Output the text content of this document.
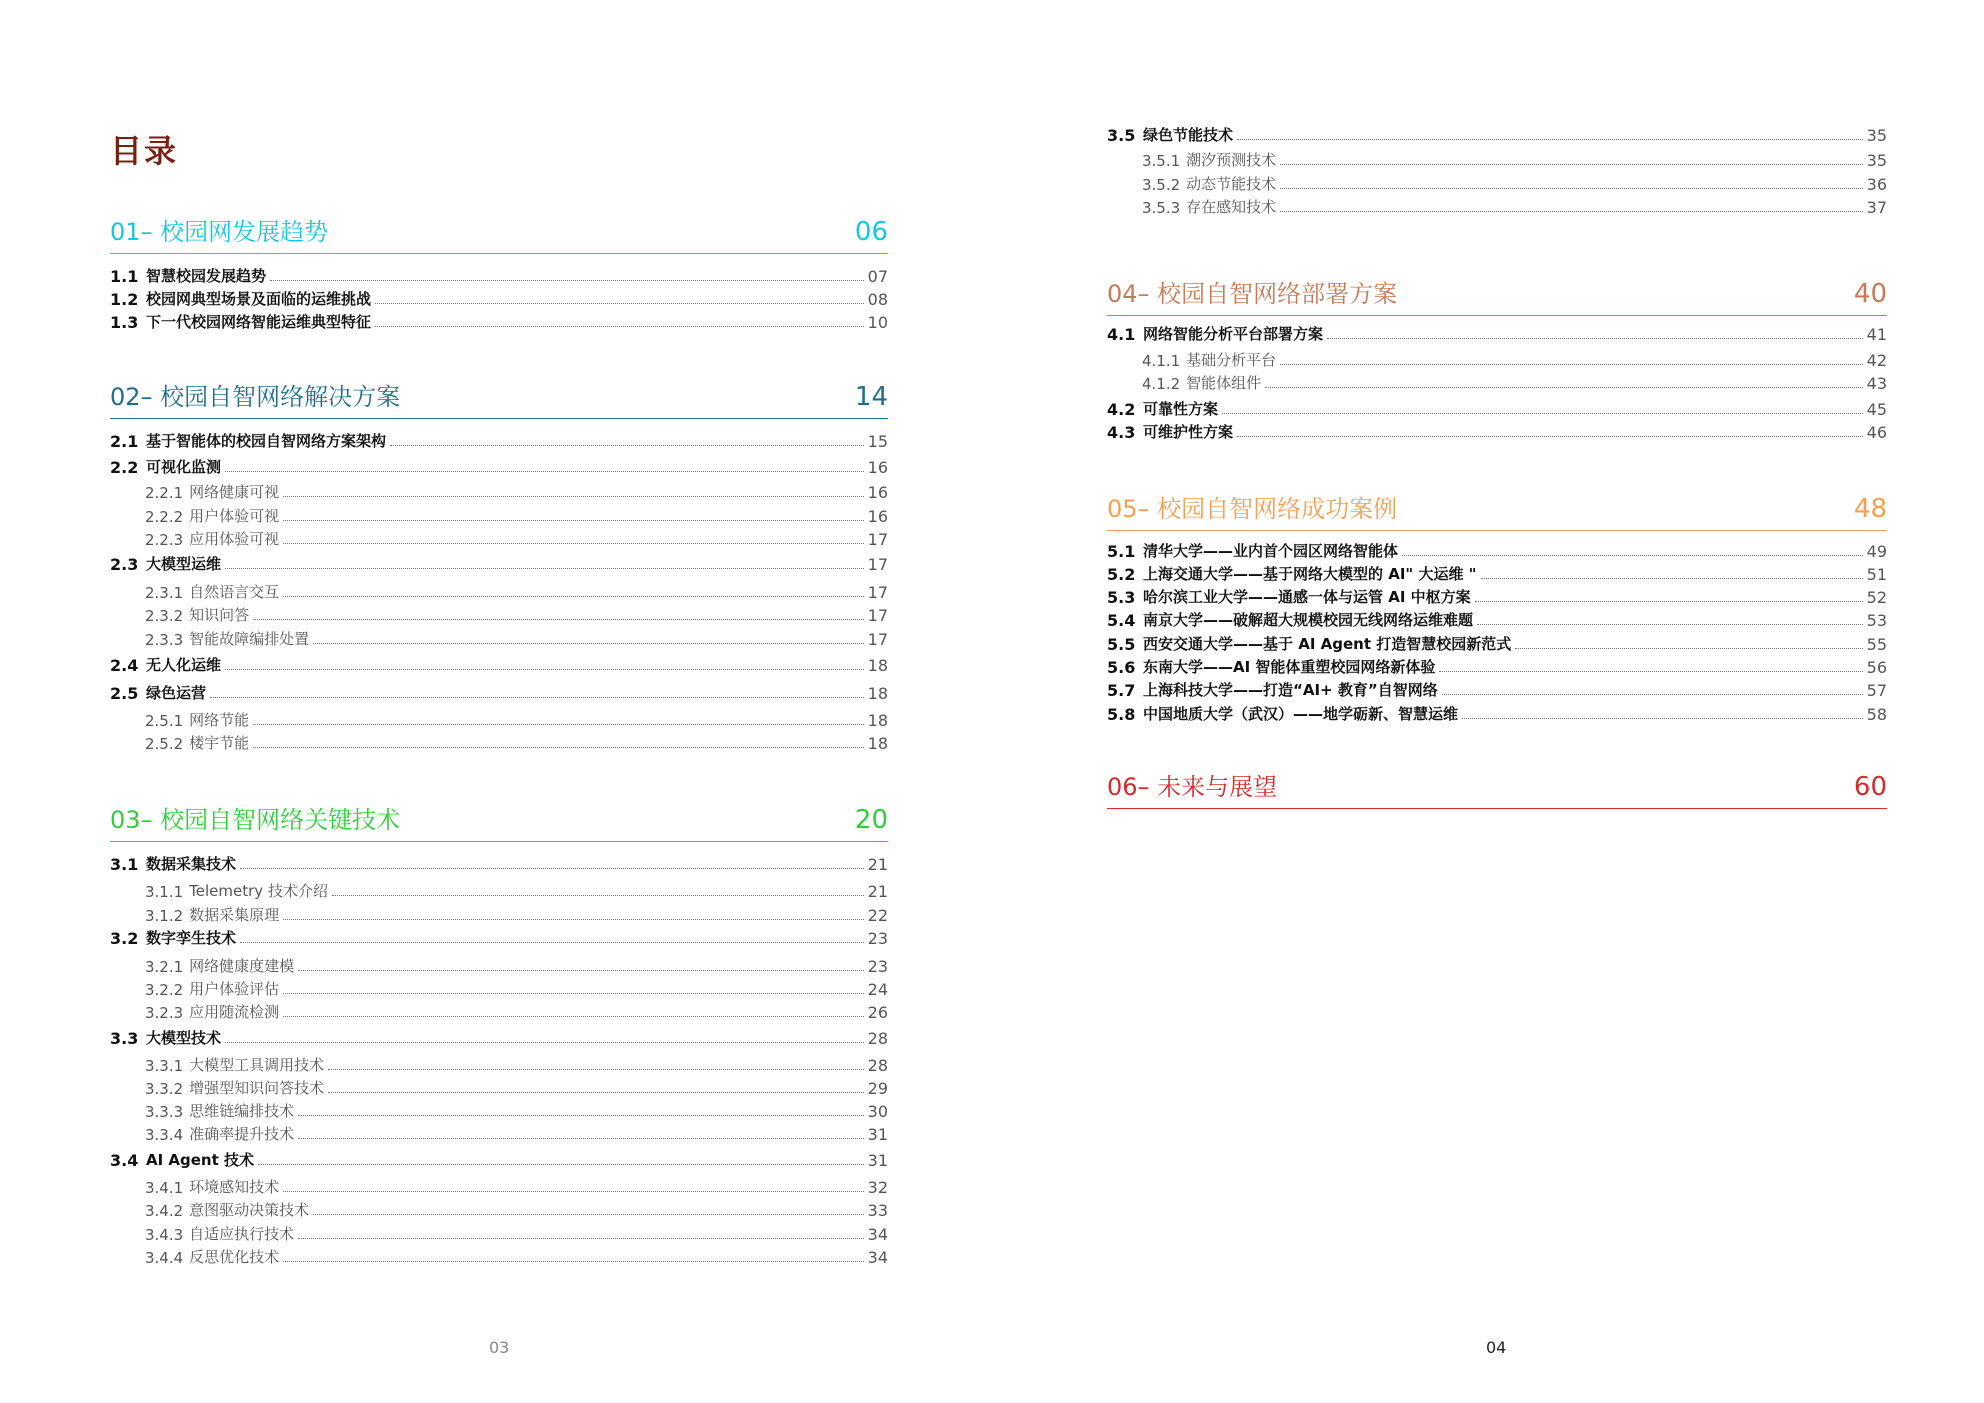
目录
01– 校园网发展趋势	06
1.1 智慧校园发展趋势	07
1.2 校园网典型场景及面临的运维挑战	08
1.3 下一代校园网络智能运维典型特征	10
02– 校园自智网络解决方案	14
2.1 基于智能体的校园自智网络方案架构	15
2.2 可视化监测	16
2.2.1 网络健康可视	16
2.2.2 用户体验可视	16
2.2.3 应用体验可视	17
2.3 大模型运维	17
2.3.1 自然语言交互	17
2.3.2 知识问答	17
2.3.3 智能故障编排处置	17
2.4 无人化运维	18
2.5 绿色运营	18
2.5.1 网络节能	18
2.5.2 楼宇节能	18
03– 校园自智网络关键技术	20
3.1 数据采集技术	21
3.1.1 Telemetry 技术介绍	21
3.1.2 数据采集原理	22
3.2 数字孪生技术	23
3.2.1 网络健康度建模	23
3.2.2 用户体验评估	24
3.2.3 应用随流检测	26
3.3 大模型技术	28
3.3.1 大模型工具调用技术	28
3.3.2 增强型知识问答技术	29
3.3.3 思维链编排技术	30
3.3.4 准确率提升技术	31
3.4 AI Agent 技术	31
3.4.1 环境感知技术	32
3.4.2 意图驱动决策技术	33
3.4.3 自适应执行技术	34
3.4.4 反思优化技术	34
3.5 绿色节能技术	35
3.5.1 潮汐预测技术	35
3.5.2 动态节能技术	36
3.5.3 存在感知技术	37
04– 校园自智网络部署方案	40
4.1 网络智能分析平台部署方案	41
4.1.1 基础分析平台	42
4.1.2 智能体组件	43
4.2 可靠性方案	45
4.3 可维护性方案	46
05– 校园自智网络成功案例	48
5.1 清华大学——业内首个园区网络智能体	49
5.2 上海交通大学——基于网络大模型的 AI" 大运维 "	51
5.3 哈尔滨工业大学——通感一体与运管 AI 中枢方案	52
5.4 南京大学——破解超大规模校园无线网络运维难题	53
5.5 西安交通大学——基于 AI Agent 打造智慧校园新范式	55
5.6 东南大学——AI 智能体重塑校园网络新体验	56
5.7 上海科技大学——打造“AI+ 教育”自智网络	57
5.8 中国地质大学（武汉）——地学砺新、智慧运维	58
06– 未来与展望	60
03	04
